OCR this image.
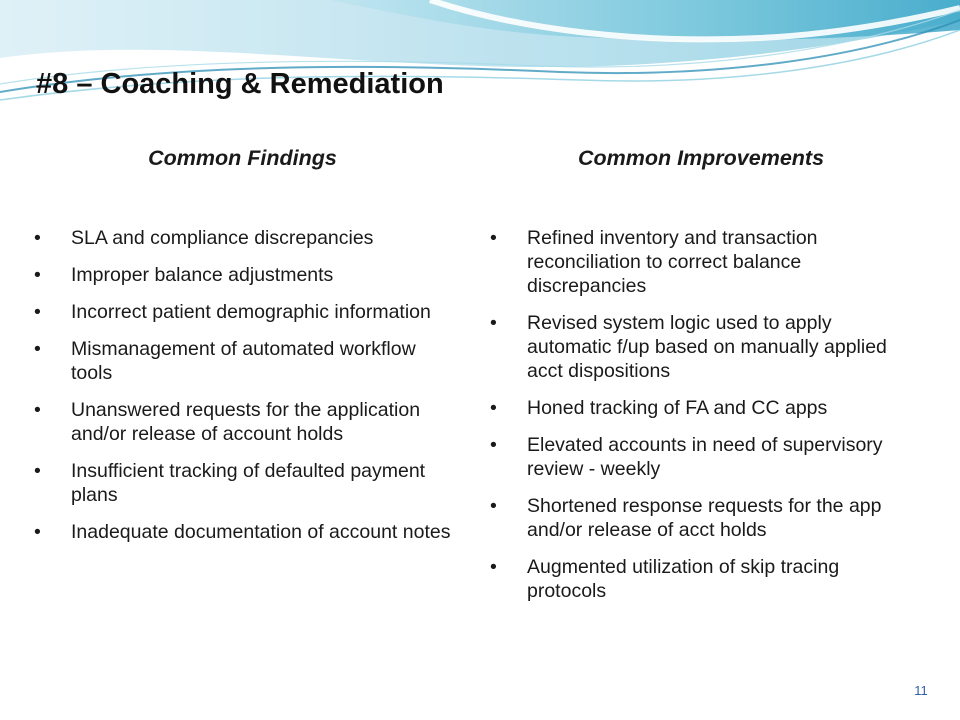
#8 – Coaching & Remediation
Common Findings	Common Improvements
• SLA and compliance discrepancies
• Improper balance adjustments
• Incorrect patient demographic information
• Mismanagement of automated workflow tools
• Unanswered requests for the application and/or release of account holds
• Insufficient tracking of defaulted payment plans
• Inadequate documentation of account notes
• Refined inventory and transaction reconciliation to correct balance discrepancies
• Revised system logic used to apply automatic f/up based on manually applied acct dispositions
• Honed tracking of FA and CC apps
• Elevated accounts in need of supervisory review - weekly
• Shortened response requests for the app and/or release of acct holds
• Augmented utilization of skip tracing protocols
11
